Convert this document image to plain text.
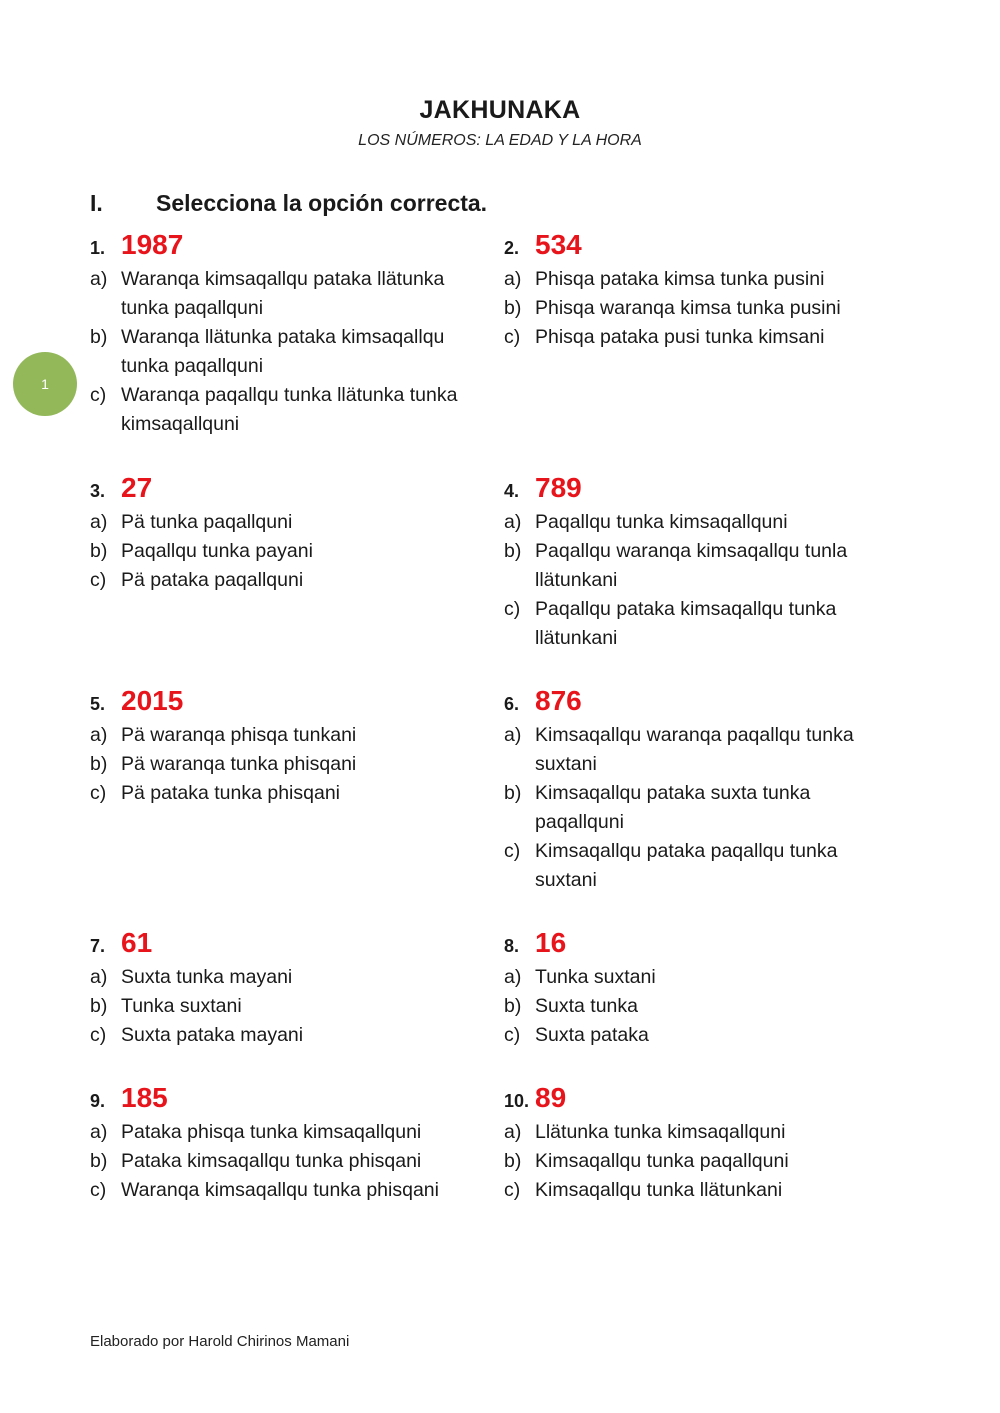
JAKHUNAKA
LOS NÚMEROS: LA EDAD Y LA HORA
I. Selecciona la opción correcta.
1
1. 1987
a) Waranqa kimsaqallqu pataka llätunka tunka paqallquni
b) Waranqa llätunka pataka kimsaqallqu tunka paqallquni
c) Waranqa paqallqu tunka llätunka tunka kimsaqallquni
2. 534
a) Phisqa pataka kimsa tunka pusini
b) Phisqa waranqa kimsa tunka pusini
c) Phisqa pataka pusi tunka kimsani
3. 27
a) Pä tunka paqallquni
b) Paqallqu tunka payani
c) Pä pataka paqallquni
4. 789
a) Paqallqu tunka kimsaqallquni
b) Paqallqu waranqa kimsaqallqu tunla llätunkani
c) Paqallqu pataka kimsaqallqu tunka llätunkani
5. 2015
a) Pä waranqa phisqa tunkani
b) Pä waranqa tunka phisqani
c) Pä pataka tunka phisqani
6. 876
a) Kimsaqallqu waranqa paqallqu tunka suxtani
b) Kimsaqallqu pataka suxta tunka paqallquni
c) Kimsaqallqu pataka paqallqu tunka suxtani
7. 61
a) Suxta tunka mayani
b) Tunka suxtani
c) Suxta pataka mayani
8. 16
a) Tunka suxtani
b) Suxta tunka
c) Suxta pataka
9. 185
a) Pataka phisqa tunka kimsaqallquni
b) Pataka kimsaqallqu tunka phisqani
c) Waranqa kimsaqallqu tunka phisqani
10. 89
a) Llätunka tunka kimsaqallquni
b) Kimsaqallqu tunka paqallquni
c) Kimsaqallqu tunka llätunkani
Elaborado por Harold Chirinos Mamani
